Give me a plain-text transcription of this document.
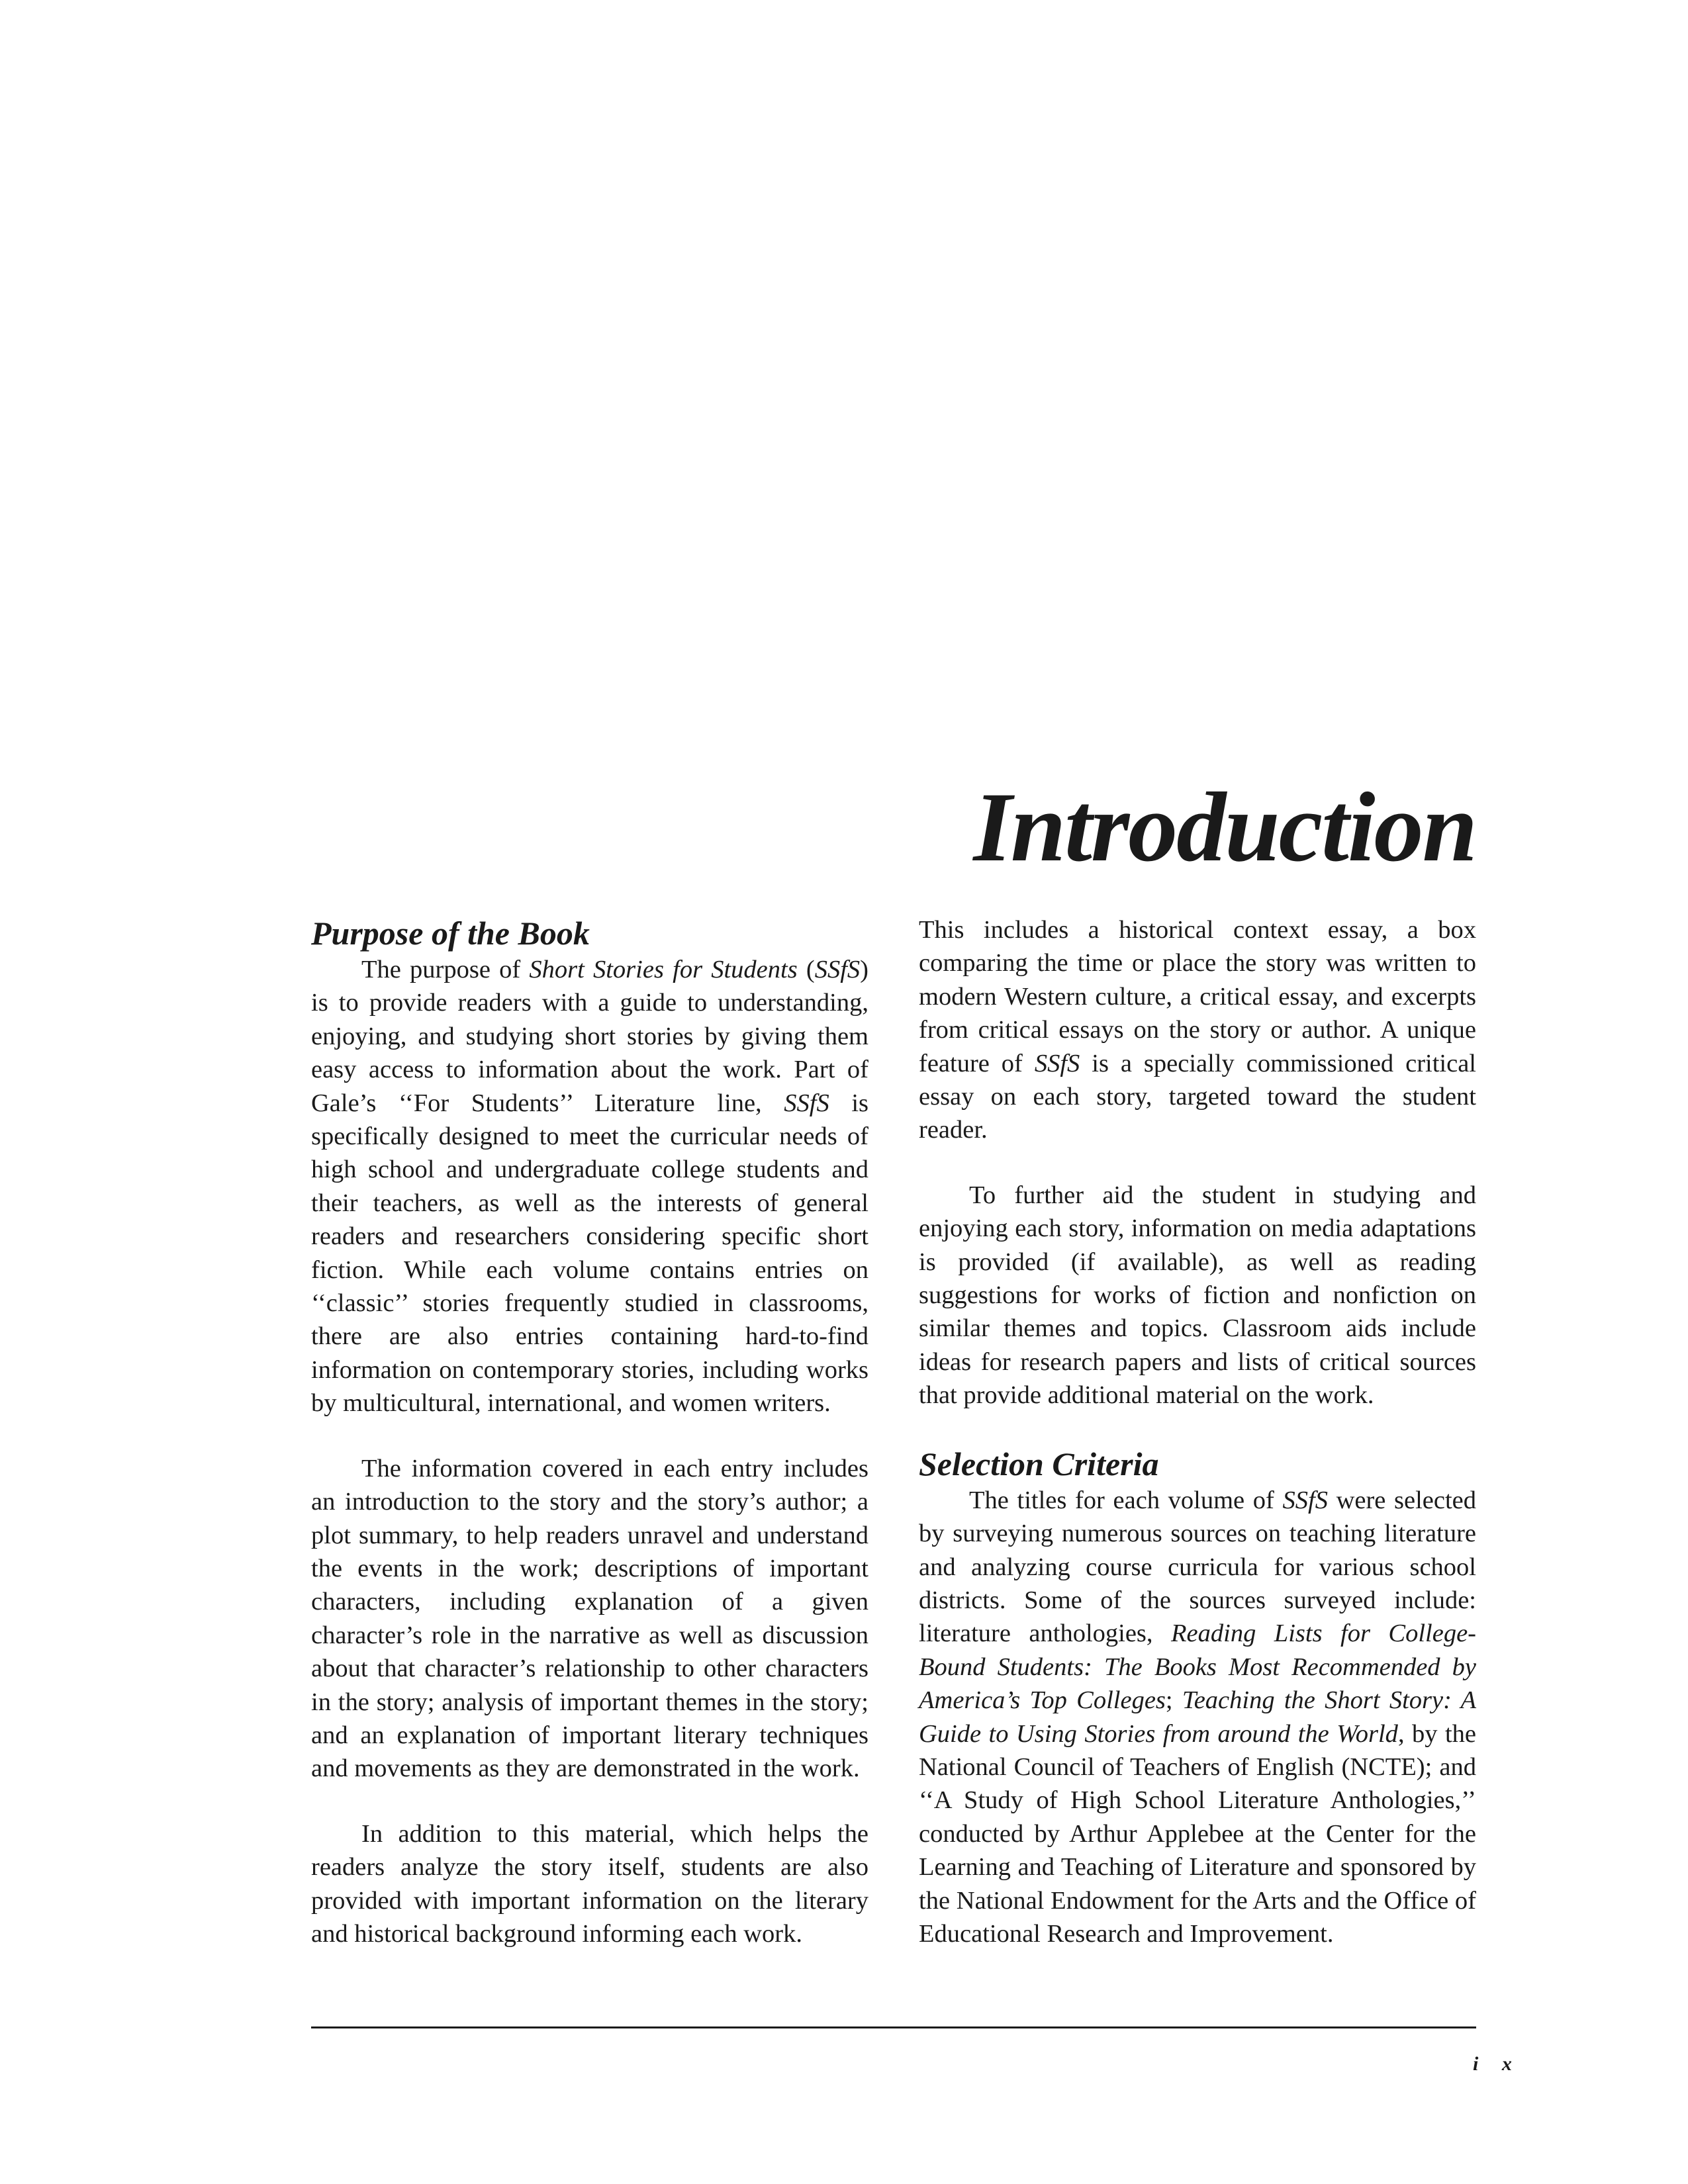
Introduction
Purpose of the Book

The purpose of Short Stories for Students (SSfS) is to provide readers with a guide to understanding, enjoying, and studying short stories by giving them easy access to information about the work. Part of Gale’s ‘‘For Students’’ Literature line, SSfS is specifically designed to meet the curricular needs of high school and undergraduate college students and their teachers, as well as the interests of general readers and researchers considering specific short fiction. While each volume contains entries on ‘‘classic’’ stories frequently studied in classrooms, there are also entries containing hard-to-find information on contemporary stories, including works by multicultural, international, and women writers.

The information covered in each entry includes an introduction to the story and the story’s author; a plot summary, to help readers unravel and understand the events in the work; descriptions of important characters, including explanation of a given character’s role in the narrative as well as discussion about that character’s relationship to other characters in the story; analysis of important themes in the story; and an explanation of important literary techniques and movements as they are demonstrated in the work.

In addition to this material, which helps the readers analyze the story itself, students are also provided with important information on the literary and historical background informing each work.

This includes a historical context essay, a box comparing the time or place the story was written to modern Western culture, a critical essay, and excerpts from critical essays on the story or author. A unique feature of SSfS is a specially commissioned critical essay on each story, targeted toward the student reader.

To further aid the student in studying and enjoying each story, information on media adaptations is provided (if available), as well as reading suggestions for works of fiction and nonfiction on similar themes and topics. Classroom aids include ideas for research papers and lists of critical sources that provide additional material on the work.

Selection Criteria

The titles for each volume of SSfS were selected by surveying numerous sources on teaching literature and analyzing course curricula for various school districts. Some of the sources surveyed include: literature anthologies, Reading Lists for College-Bound Students: The Books Most Recommended by America’s Top Colleges; Teaching the Short Story: A Guide to Using Stories from around the World, by the National Council of Teachers of English (NCTE); and ‘‘A Study of High School Literature Anthologies,’’ conducted by Arthur Applebee at the Center for the Learning and Teaching of Literature and sponsored by the National Endowment for the Arts and the Office of Educational Research and Improvement.

i x
